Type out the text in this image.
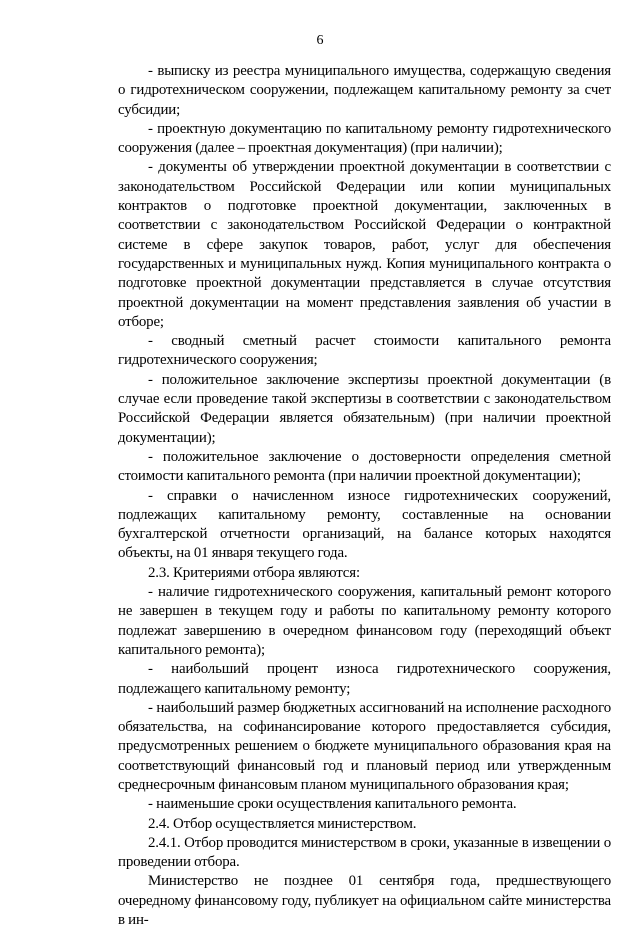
6

- выписку из реестра муниципального имущества, содержащую сведения о гидротехническом сооружении, подлежащем капитальному ремонту за счет субсидии;

- проектную документацию по капитальному ремонту гидротехнического сооружения (далее – проектная документация) (при наличии);

- документы об утверждении проектной документации в соответствии с законодательством Российской Федерации или копии муниципальных контрактов о подготовке проектной документации, заключенных в соответствии с законодательством Российской Федерации о контрактной системе в сфере закупок товаров, работ, услуг для обеспечения государственных и муниципальных нужд. Копия муниципального контракта о подготовке проектной документации представляется в случае отсутствия проектной документации на момент представления заявления об участии в отборе;

- сводный сметный расчет стоимости капитального ремонта гидротехнического сооружения;

- положительное заключение экспертизы проектной документации (в случае если проведение такой экспертизы в соответствии с законодательством Российской Федерации является обязательным) (при наличии проектной документации);

- положительное заключение о достоверности определения сметной стоимости капитального ремонта (при наличии проектной документации);

- справки о начисленном износе гидротехнических сооружений, подлежащих капитальному ремонту, составленные на основании бухгалтерской отчетности организаций, на балансе которых находятся объекты, на 01 января текущего года.

2.3. Критериями отбора являются:

- наличие гидротехнического сооружения, капитальный ремонт которого не завершен в текущем году и работы по капитальному ремонту которого подлежат завершению в очередном финансовом году (переходящий объект капитального ремонта);

- наибольший процент износа гидротехнического сооружения, подлежащего капитальному ремонту;

- наибольший размер бюджетных ассигнований на исполнение расходного обязательства, на софинансирование которого предоставляется субсидия, предусмотренных решением о бюджете муниципального образования края на соответствующий финансовый год и плановый период или утвержденным среднесрочным финансовым планом муниципального образования края;

- наименьшие сроки осуществления капитального ремонта.

2.4. Отбор осуществляется министерством.

2.4.1. Отбор проводится министерством в сроки, указанные в извещении о проведении отбора.

Министерство не позднее 01 сентября года, предшествующего очередному финансовому году, публикует на официальном сайте министерства в ин-
